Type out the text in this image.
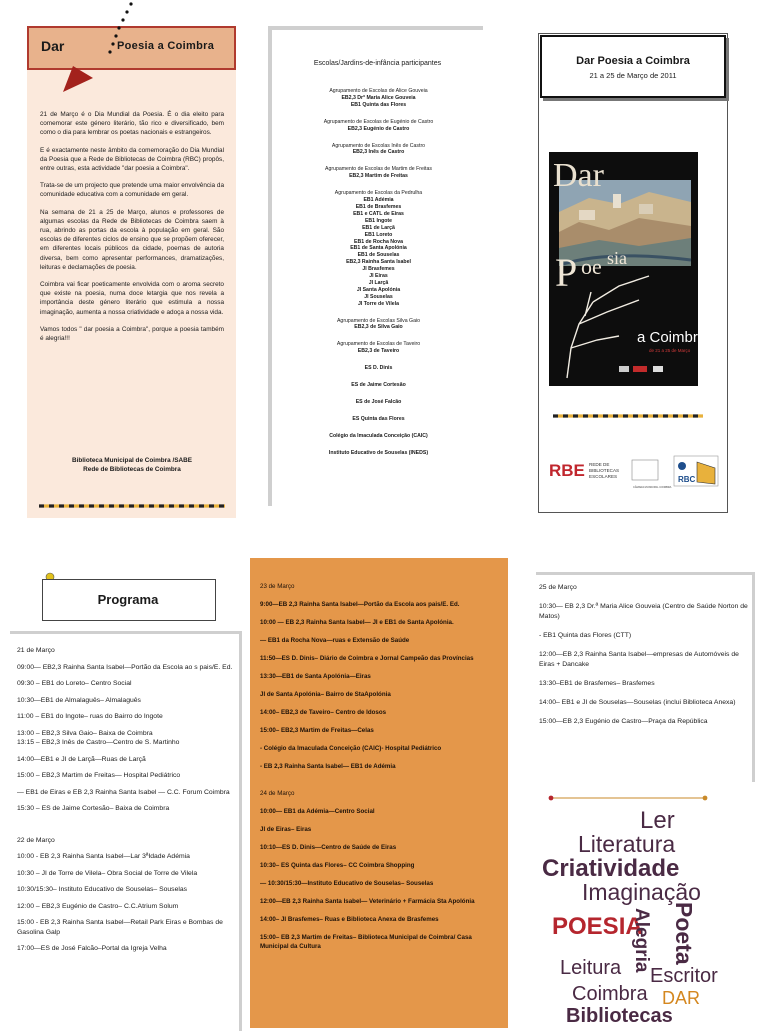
Dar	Poesia a Coimbra

21 de Março é o Dia Mundial da Poesia. É o dia eleito para comemorar este género literário, tão rico e diversificado, bem como o dia para lembrar os poetas nacionais e estrangeiros.

E é exactamente neste âmbito da comemoração do Dia Mundial da Poesia que a Rede de Bibliotecas de Coimbra (RBC) propôs, entre outras, esta actividade "dar poesia a Coimbra".

Trata-se de um projecto que pretende uma maior envolvência da comunidade educativa com a comunidade em geral.

Na semana de 21 a 25 de Março, alunos e professores de algumas escolas da Rede de Bibliotecas de Coimbra saem à rua, abrindo as portas da escola à população em geral. São escolas de diferentes ciclos de ensino que se propõem oferecer, em diferentes locais públicos da cidade, poemas de autoria diversa, bem como apresentar performances, dramatizações, leituras e declamações de poesia.

Coimbra vai ficar poeticamente envolvida com o aroma secreto que existe na poesia, numa doce letargia que nos revela a importância deste género literário que estimula a nossa imaginação, aumenta a nossa criatividade e adoça a nossa vida.

Vamos todos " dar poesia a Coimbra", porque a poesia também é alegria!!!

Biblioteca Municipal de Coimbra /SABE
Rede de Bibliotecas de Coimbra
Escolas/Jardins-de-infância participantes
Agrupamento de Escolas de Alice Gouveia
EB2,3 Drª Maria Alice Gouveia
EB1 Quinta das Flores
Agrupamento de Escolas de Eugénio de Castro
EB2,3 Eugénio de Castro
Agrupamento de Escolas Inês de Castro
EB2,3 Inês de Castro
Agrupamento de Escolas de Martim de Freitas
EB2,3 Martim de Freitas
Agrupamento de Escolas da Pedrulha
EB1 Adémia
EB1 de Brasfemes
EB1 e CATL de Eiras
EB1 Ingote
EB1 de Larçã
EB1 Loreto
EB1 de Rocha Nova
EB1 de Santa Apolónia
EB1 de Souselas
EB2,3 Rainha Santa Isabel
JI Brasfemes
JI Eiras
JI Larçã
JI Santa Apolónia
JI Souselas
JI Torre de Vilela
Agrupamento de Escolas Silva Gaio
EB2,3 de Silva Gaio
Agrupamento de Escolas de Taveiro
EB2,3 de Taveiro
ES D. Dinis
ES de Jaime Cortesão
ES de José Falcão
ES Quinta das Flores
Colégio da Imaculada Conceição (CAIC)
Instituto Educativo de Souselas (INEDS)
Dar Poesia a Coimbra
21 a 25 de Março de 2011
Dar
P oe sia
a Coimbra
de 21 a 25 de Março
RBE REDE DE
BIBLIOTECAS
ESCOLARES
CÂMARA MUNICIPAL COIMBRA
RBC
Programa

21 de Março

09:00— EB2,3 Rainha Santa Isabel—Portão da Escola ao s pais/E. Ed.

09:30 – EB1 do Loreto– Centro Social

10:30—EB1 de Almalaguês– Almalaguês

11:00 – EB1 do Ingote– ruas do Bairro do Ingote

13:00 – EB2,3 Silva Gaio– Baixa de Coimbra
13:15 – EB2,3 Inês de Castro—Centro de S. Martinho

14:00—EB1 e JI de Larçã—Ruas de Larçã

15:00 – EB2,3 Martim de Freitas— Hospital Pediátrico

— EB1 de Eiras e EB 2,3 Rainha Santa Isabel — C.C. Forum Coimbra

15:30 – ES de Jaime Cortesão– Baixa de Coimbra

22 de Março

10:00 - EB 2,3 Rainha Santa Isabel—Lar 3ªIdade Adémia

10:30 – JI de Torre de Vilela– Obra Social de Torre de Vilela

10:30/15:30– Instituto Educativo de Souselas– Souselas

12:00 – EB2,3 Eugénio de Castro– C.C.Atrium Solum

15:00 - EB 2,3 Rainha Santa Isabel—Retail Park Eiras e Bombas de Gasolina Galp

17:00—ES de José Falcão–Portal da Igreja Velha

23 de Março

9:00—EB 2,3 Rainha Santa Isabel—Portão da Escola aos pais/E. Ed.

10:00 — EB 2,3 Rainha Santa Isabel— JI e EB1 de Santa Apolónia.

— EB1 da Rocha Nova—ruas e Extensão de Saúde

11:50—ES D. Dinis– Diário de Coimbra e Jornal Campeão das Províncias

13:30—EB1 de Santa Apolónia—Eiras

JI de Santa Apolónia– Bairro de StaApolónia

14:00– EB2,3 de Taveiro– Centro de Idosos

15:00– EB2,3 Martim de Freitas—Celas

- Colégio da Imaculada Conceição (CAIC)- Hospital Pediátrico

- EB 2,3 Rainha Santa Isabel— EB1 de Adémia

24 de Março

10:00— EB1 da Adémia—Centro Social

JI de Eiras– Eiras

10:10—ES D. Dinis—Centro de Saúde de Eiras

10:30– ES Quinta das Flores– CC Coimbra Shopping

— 10:30/15:30—Instituto Educativo de Souselas– Souselas

12:00—EB 2,3 Rainha Santa Isabel— Veterinário + Farmácia Sta Apolónia

14:00– JI Brasfemes– Ruas e Biblioteca Anexa de Brasfemes

15:00– EB 2,3 Martim de Freitas– Biblioteca Municipal de Coimbra/ Casa Municipal da Cultura

25 de Março

10:30— EB 2,3 Dr.ª Maria Alice Gouveia (Centro de Saúde Norton de Matos)

- EB1 Quinta das Flores (CTT)

12:00—EB 2,3 Rainha Santa Isabel—empresas de Automóveis de Eiras + Dancake

13:30–EB1 de Brasfemes– Brasfemes

14:00– EB1 e JI de Souselas—Souselas (inclui Biblioteca Anexa)

15:00—EB 2,3 Eugénio de Castro—Praça da República

Ler
Literatura
Criatividade
Imaginação
POESIA
Alegria Poeta
Leitura Escritor
Coimbra DAR
Bibliotecas
